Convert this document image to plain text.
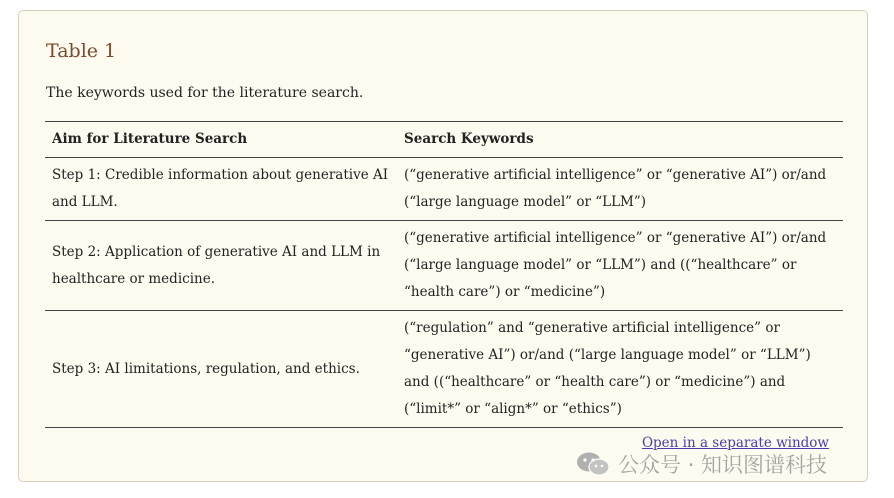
Table 1
The keywords used for the literature search.
Aim for Literature Search	Search Keywords
Step 1: Credible information about generative AI and LLM.	(“generative artificial intelligence” or “generative AI”) or/and (“large language model” or “LLM”)
Step 2: Application of generative AI and LLM in healthcare or medicine.	(“generative artificial intelligence” or “generative AI”) or/and (“large language model” or “LLM”) and ((“healthcare” or “health care”) or “medicine”)
Step 3: AI limitations, regulation, and ethics.	(“regulation” and “generative artificial intelligence” or “generative AI”) or/and (“large language model” or “LLM”) and ((“healthcare” or “health care”) or “medicine”) and (“limit*” or “align*” or “ethics”)
Open in a separate window
公众号 · 知识图谱科技
